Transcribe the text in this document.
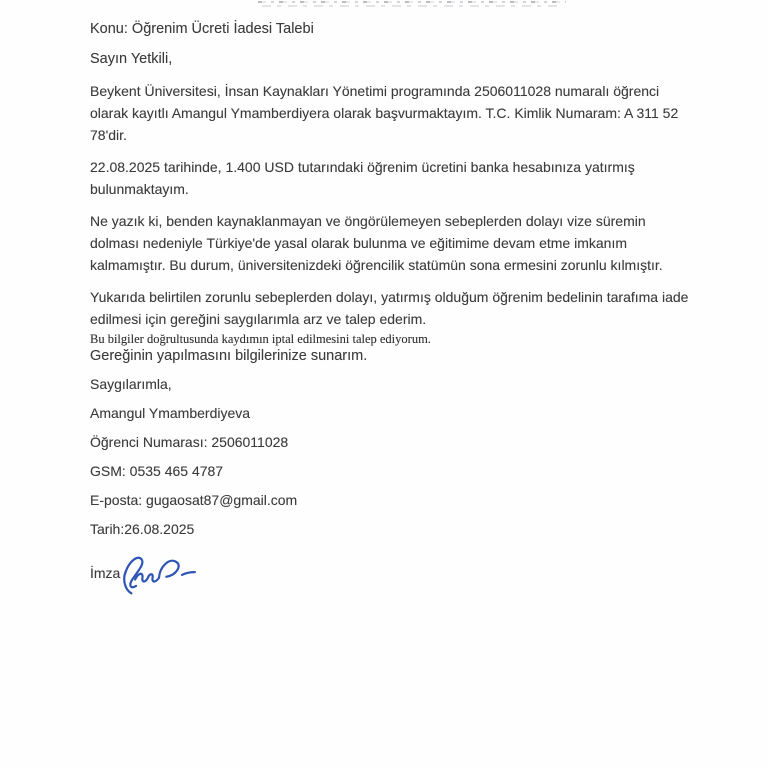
Konu: Öğrenim Ücreti İadesi Talebi
Sayın Yetkili,

Beykent Üniversitesi, İnsan Kaynakları Yönetimi programında 2506011028 numaralı öğrenci olarak kayıtlı Amangul Ymamberdiyera olarak başvurmaktayım. T.C. Kimlik Numaram: A 311 52 78'dir.

22.08.2025 tarihinde, 1.400 USD tutarındaki öğrenim ücretini banka hesabınıza yatırmış bulunmaktayım.

Ne yazık ki, benden kaynaklanmayan ve öngörülemeyen sebeplerden dolayı vize süremin dolması nedeniyle Türkiye'de yasal olarak bulunma ve eğitimime devam etme imkanım kalmamıştır. Bu durum, üniversitenizdeki öğrencilik statümün sona ermesini zorunlu kılmıştır.

Yukarıda belirtilen zorunlu sebeplerden dolayı, yatırmış olduğum öğrenim bedelinin tarafıma iade edilmesi için gereğini saygılarımla arz ve talep ederim.

Bu bilgiler doğrultusunda kaydımın iptal edilmesini talep ediyorum.
Gereğinin yapılmasını bilgilerinize sunarım.
Saygılarımla,
Amangul Ymamberdiyeva
Öğrenci Numarası: 2506011028
GSM: 0535 465 4787
E-posta: gugaosat87@gmail.com
Tarih:26.08.2025
İmza
